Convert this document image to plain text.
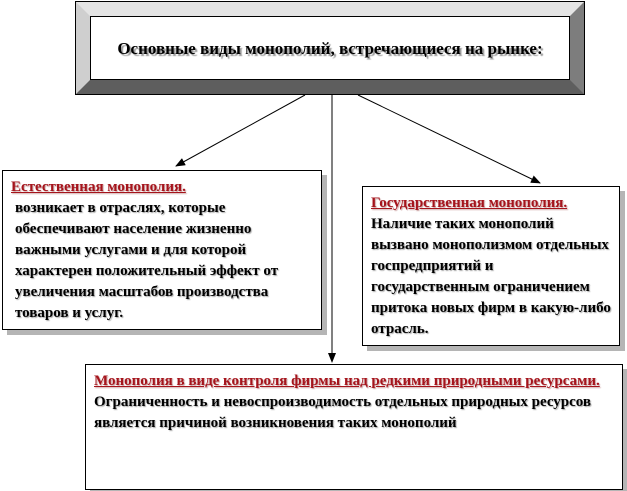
Основные виды монополий, встречающиеся на рынке:
Естественная монополия.
возникает в отраслях, которые обеспечивают население жизненно важными услугами и для которой характерен положительный эффект от увеличения масштабов производства товаров и услуг.
Государственная монополия.
Наличие таких монополий вызвано монополизмом отдельных госпредприятий и государственным ограничением притока новых фирм в какую-либо отрасль.
Монополия в виде контроля фирмы над редкими природными ресурсами.
Ограниченность и невоспроизводимость отдельных природных ресурсов является причиной возникновения таких монополий
